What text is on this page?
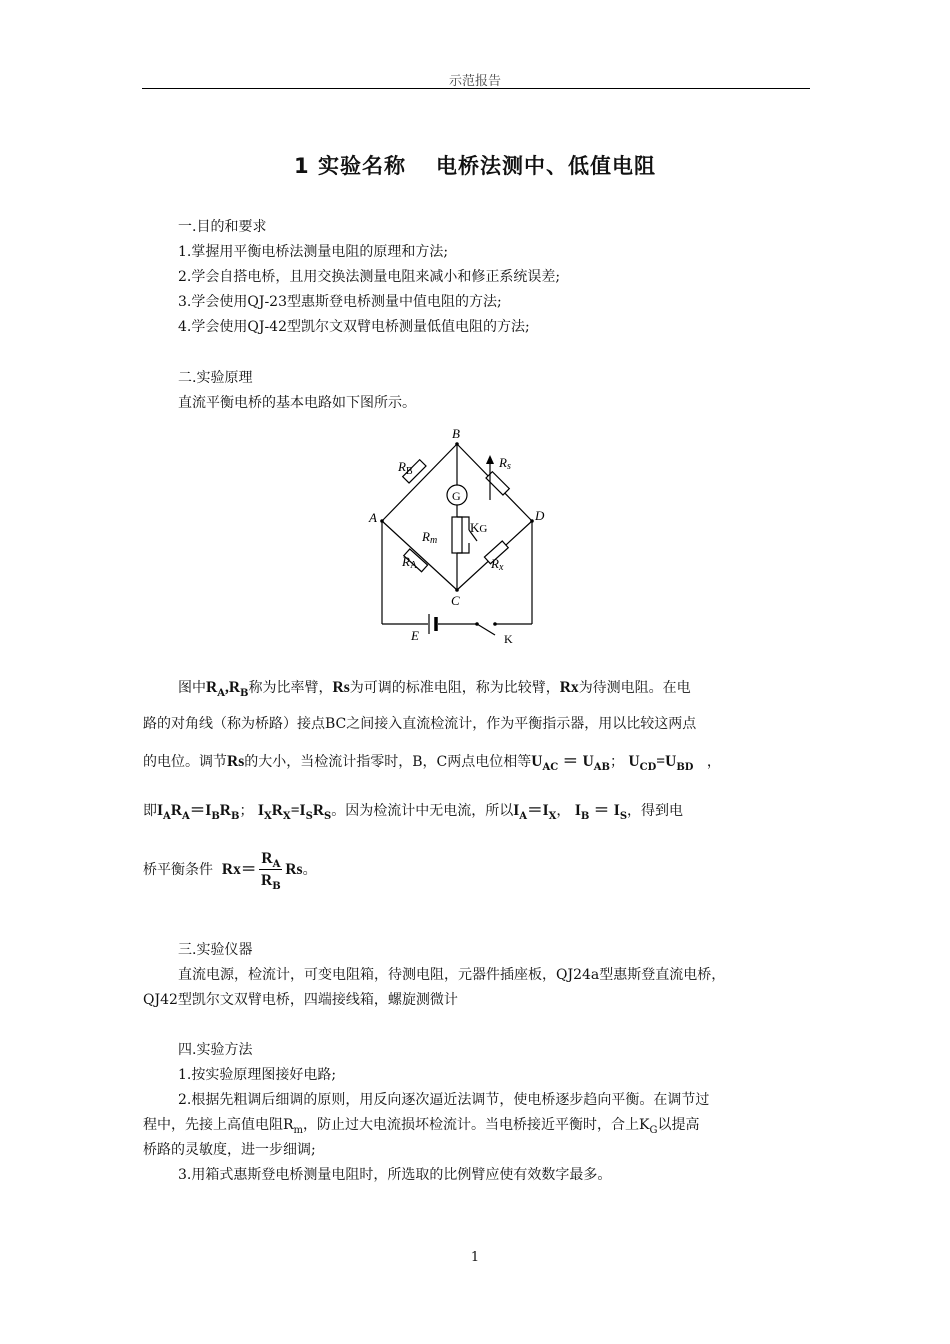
示范报告
1 实验名称 电桥法测中、低值电阻
一.目的和要求
1.掌握用平衡电桥法测量电阻的原理和方法;
2.学会自搭电桥，且用交换法测量电阻来减小和修正系统误差;
3.学会使用QJ-23型惠斯登电桥测量中值电阻的方法;
4.学会使用QJ-42型凯尔文双臂电桥测量低值电阻的方法;
二.实验原理
直流平衡电桥的基本电路如下图所示。
B
A	D
C
G
$R_B$
Rs
Rm
KG
RA	Rx
E	K
图中$R_A,R_B$称为比率臂，Rs为可调的标准电阻，称为比较臂，Rx为待测电阻。在电
路的对角线（称为桥路）接点BC之间接入直流检流计，作为平衡指示器，用以比较这两点
的电位。调节Rs的大小，当检流计指零时，B，C两点电位相等$U_{AC} = U_{AB}$； $U_{CD}=U_{BD}$ ，
即$I_AR_A=I_BR_B$； $I_XR_X=I_SR_S$。因为检流计中无电流，所以$I_A=I_X$， $I_B = I_S$，得到电
桥平衡条件 $Rx= \frac{R_A}{R_B}$ Rs。
三.实验仪器
直流电源，检流计，可变电阻箱，待测电阻，元器件插座板，QJ24a型惠斯登直流电桥，
QJ42型凯尔文双臂电桥，四端接线箱，螺旋测微计
四.实验方法
1.按实验原理图接好电路;
2.根据先粗调后细调的原则，用反向逐次逼近法调节，使电桥逐步趋向平衡。在调节过
程中，先接上高值电阻$R_m$，防止过大电流损坏检流计。当电桥接近平衡时，合上$K_G$以提高
桥路的灵敏度，进一步细调;
3.用箱式惠斯登电桥测量电阻时，所选取的比例臂应使有效数字最多。
1
